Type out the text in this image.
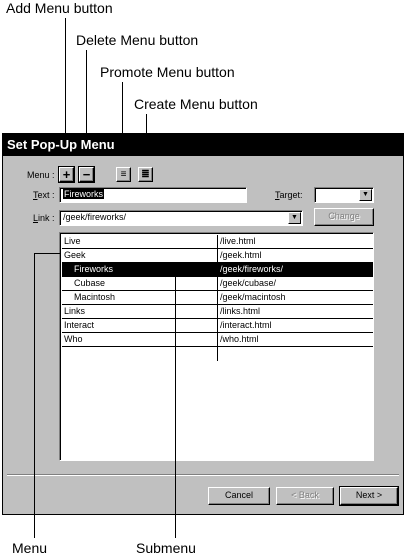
Add Menu button
Delete Menu button
Promote Menu button
Create Menu button
Menu	Submenu
Set Pop-Up Menu
Menu : + −	≡ ≣
Text :	Fireworks	Target:	▼
Link : /geek/fireworks/	▼	Change
Live	/live.html
Geek	/geek.html
Fireworks	/geek/fireworks/
Cubase	/geek/cubase/
Macintosh	/geek/macintosh
Links	/links.html
Interact	/interact.html
Who	/who.html
Cancel	< Back	Next >
